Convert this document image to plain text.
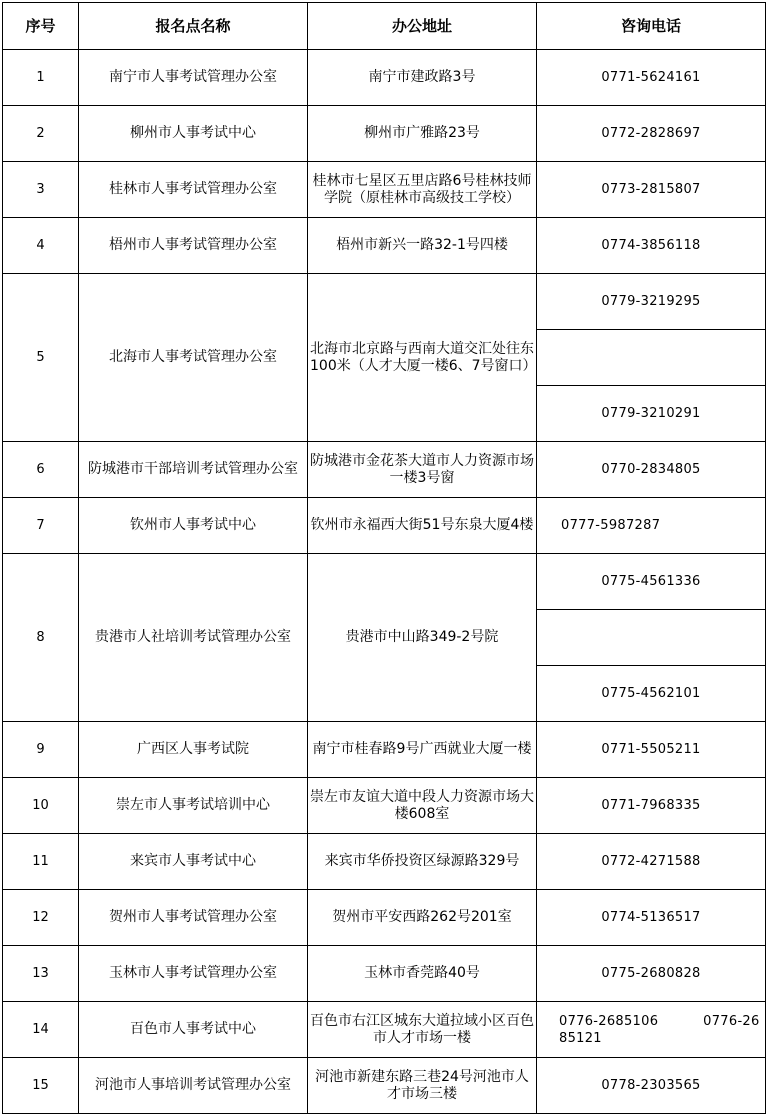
序号	报名点名称	办公地址	咨询电话
1	南宁市人事考试管理办公室	南宁市建政路3号	0771-5624161
2	柳州市人事考试中心	柳州市广雅路23号	0772-2828697
3	桂林市人事考试管理办公室	桂林市七星区五里店路6号桂林技师学院（原桂林市高级技工学校）	0773-2815807
4	梧州市人事考试管理办公室	梧州市新兴一路32-1号四楼	0774-3856118
5	北海市人事考试管理办公室	北海市北京路与西南大道交汇处往东100米（人才大厦一楼6、7号窗口）	0779-3219295

			0779-3210291
6	防城港市干部培训考试管理办公室	防城港市金花茶大道市人力资源市场一楼3号窗	0770-2834805
7	钦州市人事考试中心	钦州市永福西大街51号东泉大厦4楼	0777-5987287
8	贵港市人社培训考试管理办公室	贵港市中山路349-2号院	0775-4561336

			0775-4562101
9	广西区人事考试院	南宁市桂春路9号广西就业大厦一楼	0771-5505211
10	崇左市人事考试培训中心	崇左市友谊大道中段人力资源市场大楼608室	0771-7968335
11	来宾市人事考试中心	来宾市华侨投资区绿源路329号	0772-4271588
12	贺州市人事考试管理办公室	贺州市平安西路262号201室	0774-5136517
13	玉林市人事考试管理办公室	玉林市香莞路40号	0775-2680828
14	百色市人事考试中心	百色市右江区城东大道拉域小区百色市人才市场一楼	0776-2685106 0776-2685121
15	河池市人事培训考试管理办公室	河池市新建东路三巷24号河池市人才市场三楼	0778-2303565
